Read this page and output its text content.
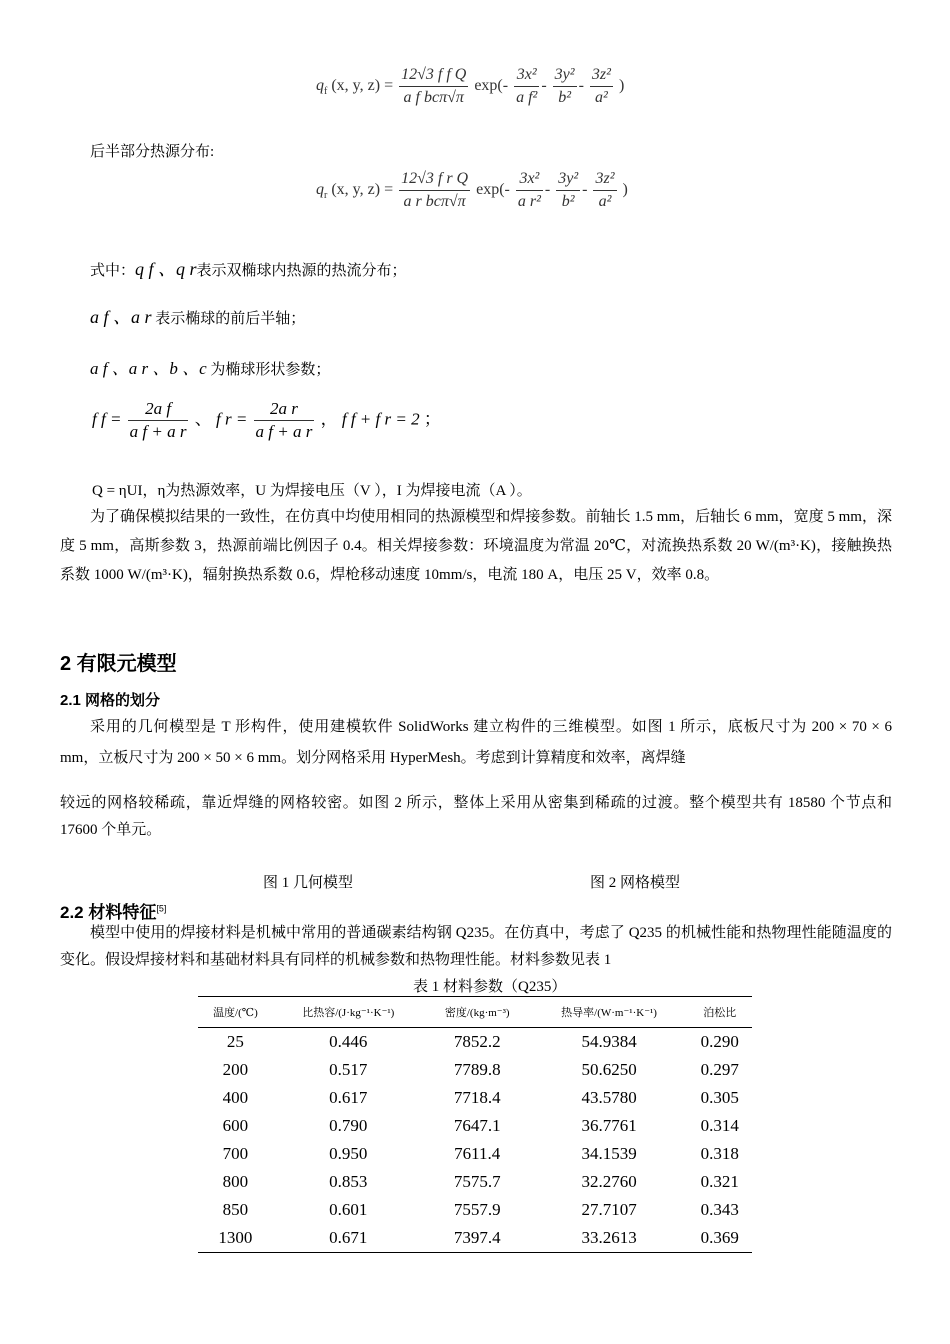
$q_f$ (x, y, $z) = \frac{\text{12√3 f f Q}}{\text{a f bcπ√π}} \exp(- \frac{\text{3x²}}{\text{a f²}} - \frac{\text{3y²}}{\text{b²}} - \frac{\text{3z²}}{\text{a²}}$ )
后半部分热源分布:
$q_r$ (x, y, $z) = \frac{\text{12√3 f r Q}}{\text{a r bcπ√π}} \exp(- \frac{\text{3x²}}{\text{a r²}} - \frac{\text{3y²}}{\text{b²}} - \frac{\text{3z²}}{\text{a²}}$ )
式中：q f 、q r表示双椭球内热源的热流分布；
a f 、a r 表示椭球的前后半轴；
a f 、a r 、b 、c 为椭球形状参数；
f $f = \frac{\text{2a f}}{\text{a f + a r}}$ 、 f $r = \frac{\text{2a r}}{\text{a f + a r}}$ ， f f + f r = 2 ；
Q = ηUI，η为热源效率，U 为焊接电压（V ），I 为焊接电流（A ）。
为了确保模拟结果的一致性，在仿真中均使用相同的热源模型和焊接参数。前轴长 1.5 mm，后轴长 6 mm，宽度 5 mm，深度 5 mm，高斯参数 3，热源前端比例因子 0.4。相关焊接参数：环境温度为常温 20℃，对流换热系数 20 W/(m³·K)，接触换热系数 1000 W/(m³·K)，辐射换热系数 0.6，焊枪移动速度 10mm/s，电流 180 A，电压 25 V，效率 0.8。
2 有限元模型
2.1 网格的划分
采用的几何模型是 T 形构件，使用建模软件 SolidWorks 建立构件的三维模型。如图 1 所示，底板尺寸为 200 × 70 × 6 mm，立板尺寸为 200 × 50 × 6 mm。划分网格采用 HyperMesh。考虑到计算精度和效率，离焊缝
较远的网格较稀疏，靠近焊缝的网格较密。如图 2 所示，整体上采用从密集到稀疏的过渡。整个模型共有 18580 个节点和 17600 个单元。
图 1 几何模型	图 2 网格模型
2.2 材料特征[5]
模型中使用的焊接材料是机械中常用的普通碳素结构钢 Q235。在仿真中，考虑了 Q235 的机械性能和热物理性能随温度的变化。假设焊接材料和基础材料具有同样的机械参数和热物理性能。材料参数见表 1
表 1 材料参数（Q235）
温度/(℃)	比热容/(J·kg⁻¹·K⁻¹)	密度/(kg·m⁻³)	热导率/(W·m⁻¹·K⁻¹)	泊松比
25	0.446	7852.2	54.9384	0.290
200	0.517	7789.8	50.6250	0.297
400	0.617	7718.4	43.5780	0.305
600	0.790	7647.1	36.7761	0.314
700	0.950	7611.4	34.1539	0.318
800	0.853	7575.7	32.2760	0.321
850	0.601	7557.9	27.7107	0.343
1300	0.671	7397.4	33.2613	0.369
